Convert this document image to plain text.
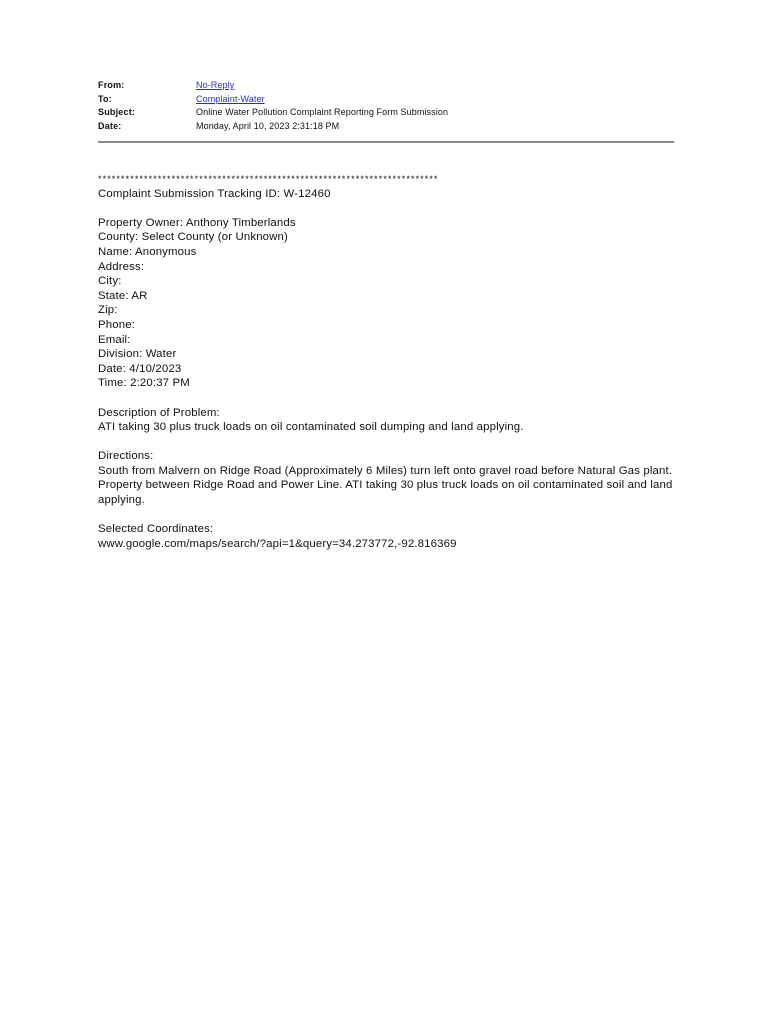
From:	No-Reply
To:	Complaint-Water
Subject:	Online Water Pollution Complaint Reporting Form Submission
Date:	Monday, April 10, 2023 2:31:18 PM
**************************************************************************
Complaint Submission Tracking ID: W-12460
Property Owner: Anthony Timberlands
County: Select County (or Unknown)
Name: Anonymous
Address:
City:
State: AR
Zip:
Phone:
Email:
Division: Water
Date: 4/10/2023
Time: 2:20:37 PM
Description of Problem:
ATI taking 30 plus truck loads on oil contaminated soil dumping and land applying.
Directions:
South from Malvern on Ridge Road (Approximately 6 Miles) turn left onto gravel road before Natural Gas plant. Property between Ridge Road and Power Line. ATI taking 30 plus truck loads on oil contaminated soil and land applying.
Selected Coordinates:
www.google.com/maps/search/?api=1&query=34.273772,-92.816369
